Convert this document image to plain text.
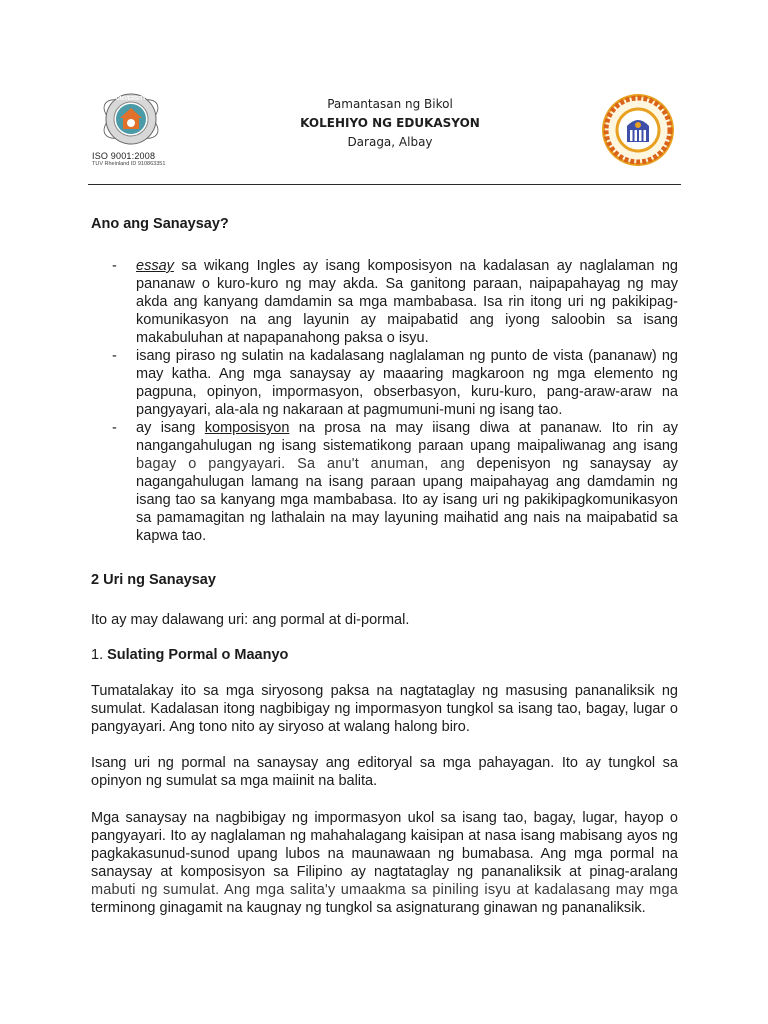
UNIVERSITY
ISO 9001:2008
TUV Rheinland ID 910863351
Pamantasan ng Bikol
KOLEHIYO NG EDUKASYON
Daraga, Albay
Ano ang Sanaysay?
- essay sa wikang Ingles ay isang komposisyon na kadalasan ay naglalaman ng pananaw o kuro-kuro ng may akda. Sa ganitong paraan, naipapahayag ng may akda ang kanyang damdamin sa mga mambabasa. Isa rin itong uri ng pakikipag-komunikasyon na ang layunin ay maipabatid ang iyong saloobin sa isang makabuluhan at napapanahong paksa o isyu.

- isang piraso ng sulatin na kadalasang naglalaman ng punto de vista (pananaw) ng may katha. Ang mga sanaysay ay maaaring magkaroon ng mga elemento ng pagpuna, opinyon, impormasyon, obserbasyon, kuru-kuro, pang-araw-araw na pangyayari, ala-ala ng nakaraan at pagmumuni-muni ng isang tao.

- ay isang komposisyon na prosa na may iisang diwa at pananaw. Ito rin ay nangangahulugan ng isang sistematikong paraan upang maipaliwanag ang isang bagay o pangyayari. Sa anu't anuman, ang depenisyon ng sanaysay ay nagangahulugan lamang na isang paraan upang maipahayag ang damdamin ng isang tao sa kanyang mga mambabasa. Ito ay isang uri ng pakikipagkomunikasyon sa pamamagitan ng lathalain na may layuning maihatid ang nais na maipabatid sa kapwa tao.

2 Uri ng Sanaysay
Ito ay may dalawang uri: ang pormal at di-pormal.
1. Sulating Pormal o Maanyo

Tumatalakay ito sa mga siryosong paksa na nagtataglay ng masusing pananaliksik ng sumulat. Kadalasan itong nagbibigay ng impormasyon tungkol sa isang tao, bagay, lugar o pangyayari. Ang tono nito ay siryoso at walang halong biro.

Isang uri ng pormal na sanaysay ang editoryal sa mga pahayagan. Ito ay tungkol sa opinyon ng sumulat sa mga maiinit na balita.

Mga sanaysay na nagbibigay ng impormasyon ukol sa isang tao, bagay, lugar, hayop o pangyayari. Ito ay naglalaman ng mahahalagang kaisipan at nasa isang mabisang ayos ng pagkakasunud-sunod upang lubos na maunawaan ng bumabasa. Ang mga pormal na sanaysay at komposisyon sa Filipino ay nagtataglay ng pananaliksik at pinag-aralang mabuti ng sumulat. Ang mga salita'y umaakma sa piniling isyu at kadalasang may mga terminong ginagamit na kaugnay ng tungkol sa asignaturang ginawan ng pananaliksik.
